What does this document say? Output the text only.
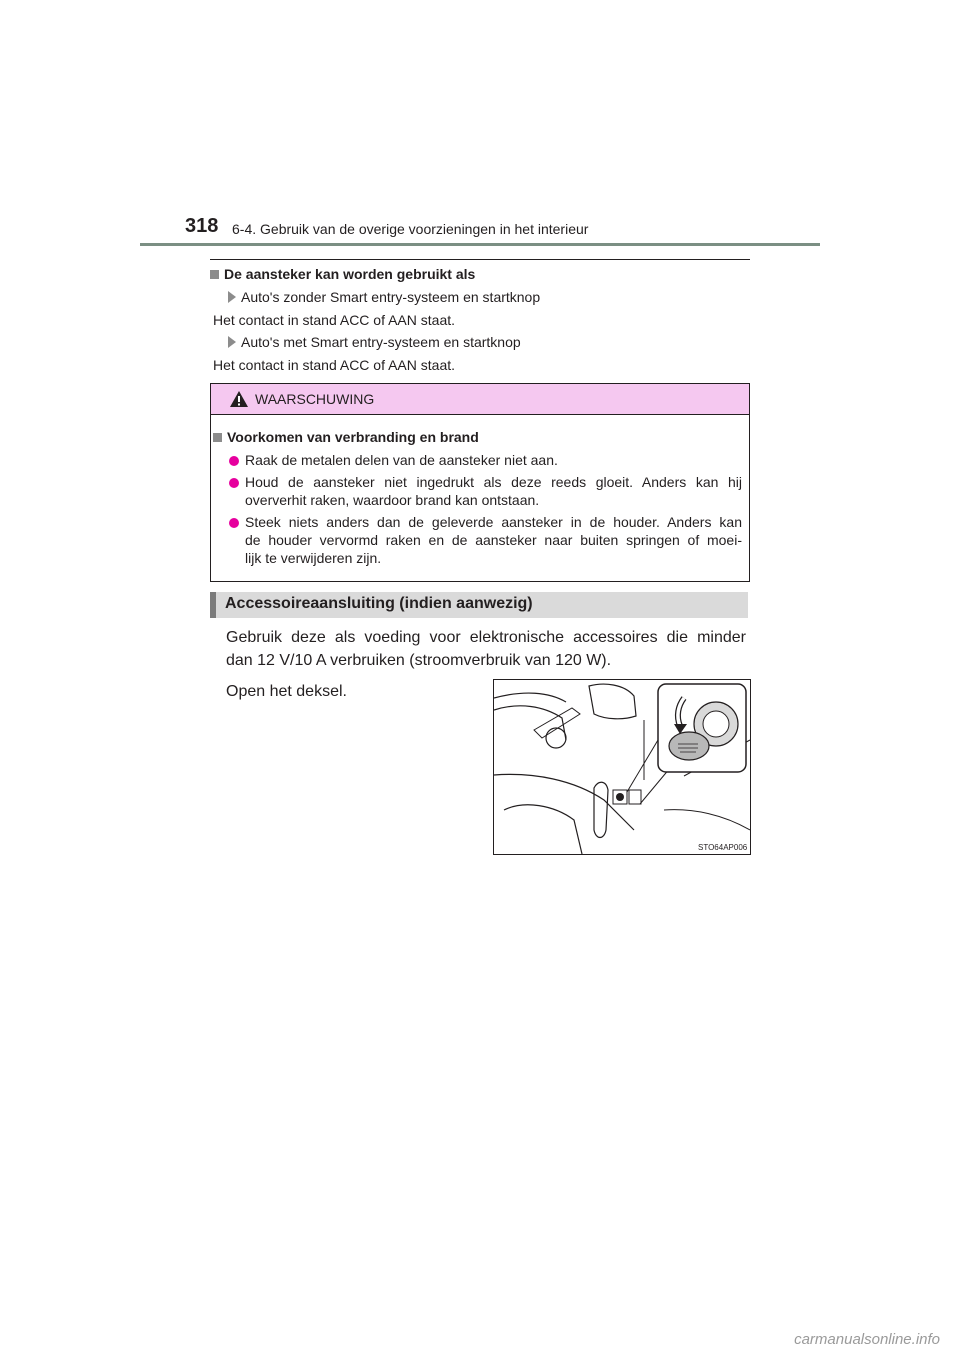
318 6-4. Gebruik van de overige voorzieningen in het interieur
De aansteker kan worden gebruikt als
Auto's zonder Smart entry-systeem en startknop
Het contact in stand ACC of AAN staat.
Auto's met Smart entry-systeem en startknop
Het contact in stand ACC of AAN staat.
WAARSCHUWING
Voorkomen van verbranding en brand
Raak de metalen delen van de aansteker niet aan.
Houd de aansteker niet ingedrukt als deze reeds gloeit. Anders kan hij
oververhit raken, waardoor brand kan ontstaan.
Steek niets anders dan de geleverde aansteker in de houder. Anders kan
de houder vervormd raken en de aansteker naar buiten springen of moei-
lijk te verwijderen zijn.
Accessoireaansluiting (indien aanwezig)
Gebruik deze als voeding voor elektronische accessoires die minder
dan 12 V/10 A verbruiken (stroomverbruik van 120 W).
Open het deksel.
STO64AP006
carmanualsonline.info
